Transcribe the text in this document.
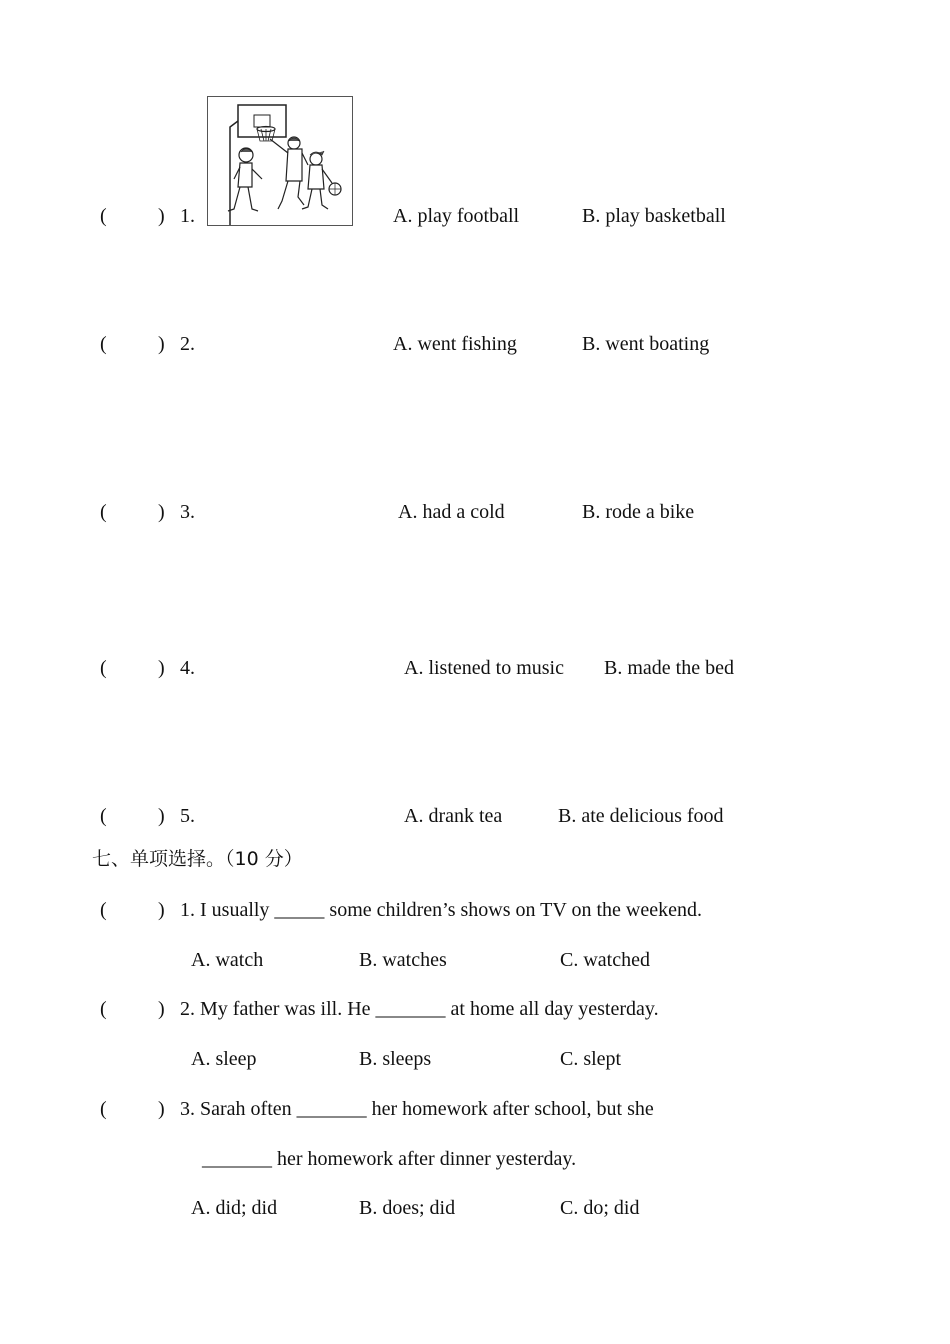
(	) 1.	A. play football	B. play basketball
(	) 2.	A. went fishing	B. went boating
(	) 3.	A. had a cold	B. rode a bike
(	) 4.	A. listened to music B. made the bed
(	) 5.	A. drank tea	B. ate delicious food
七、单项选择。（10 分）
(	) 1. I usually _____ some children’s shows on TV on the weekend.
A. watch	B. watches	C. watched
(	) 2. My father was ill. He _______ at home all day yesterday.
A. sleep	B. sleeps	C. slept
(	) 3. Sarah often _______ her homework after school, but she
_______ her homework after dinner yesterday.
A. did; did	B. does; did	C. do; did
